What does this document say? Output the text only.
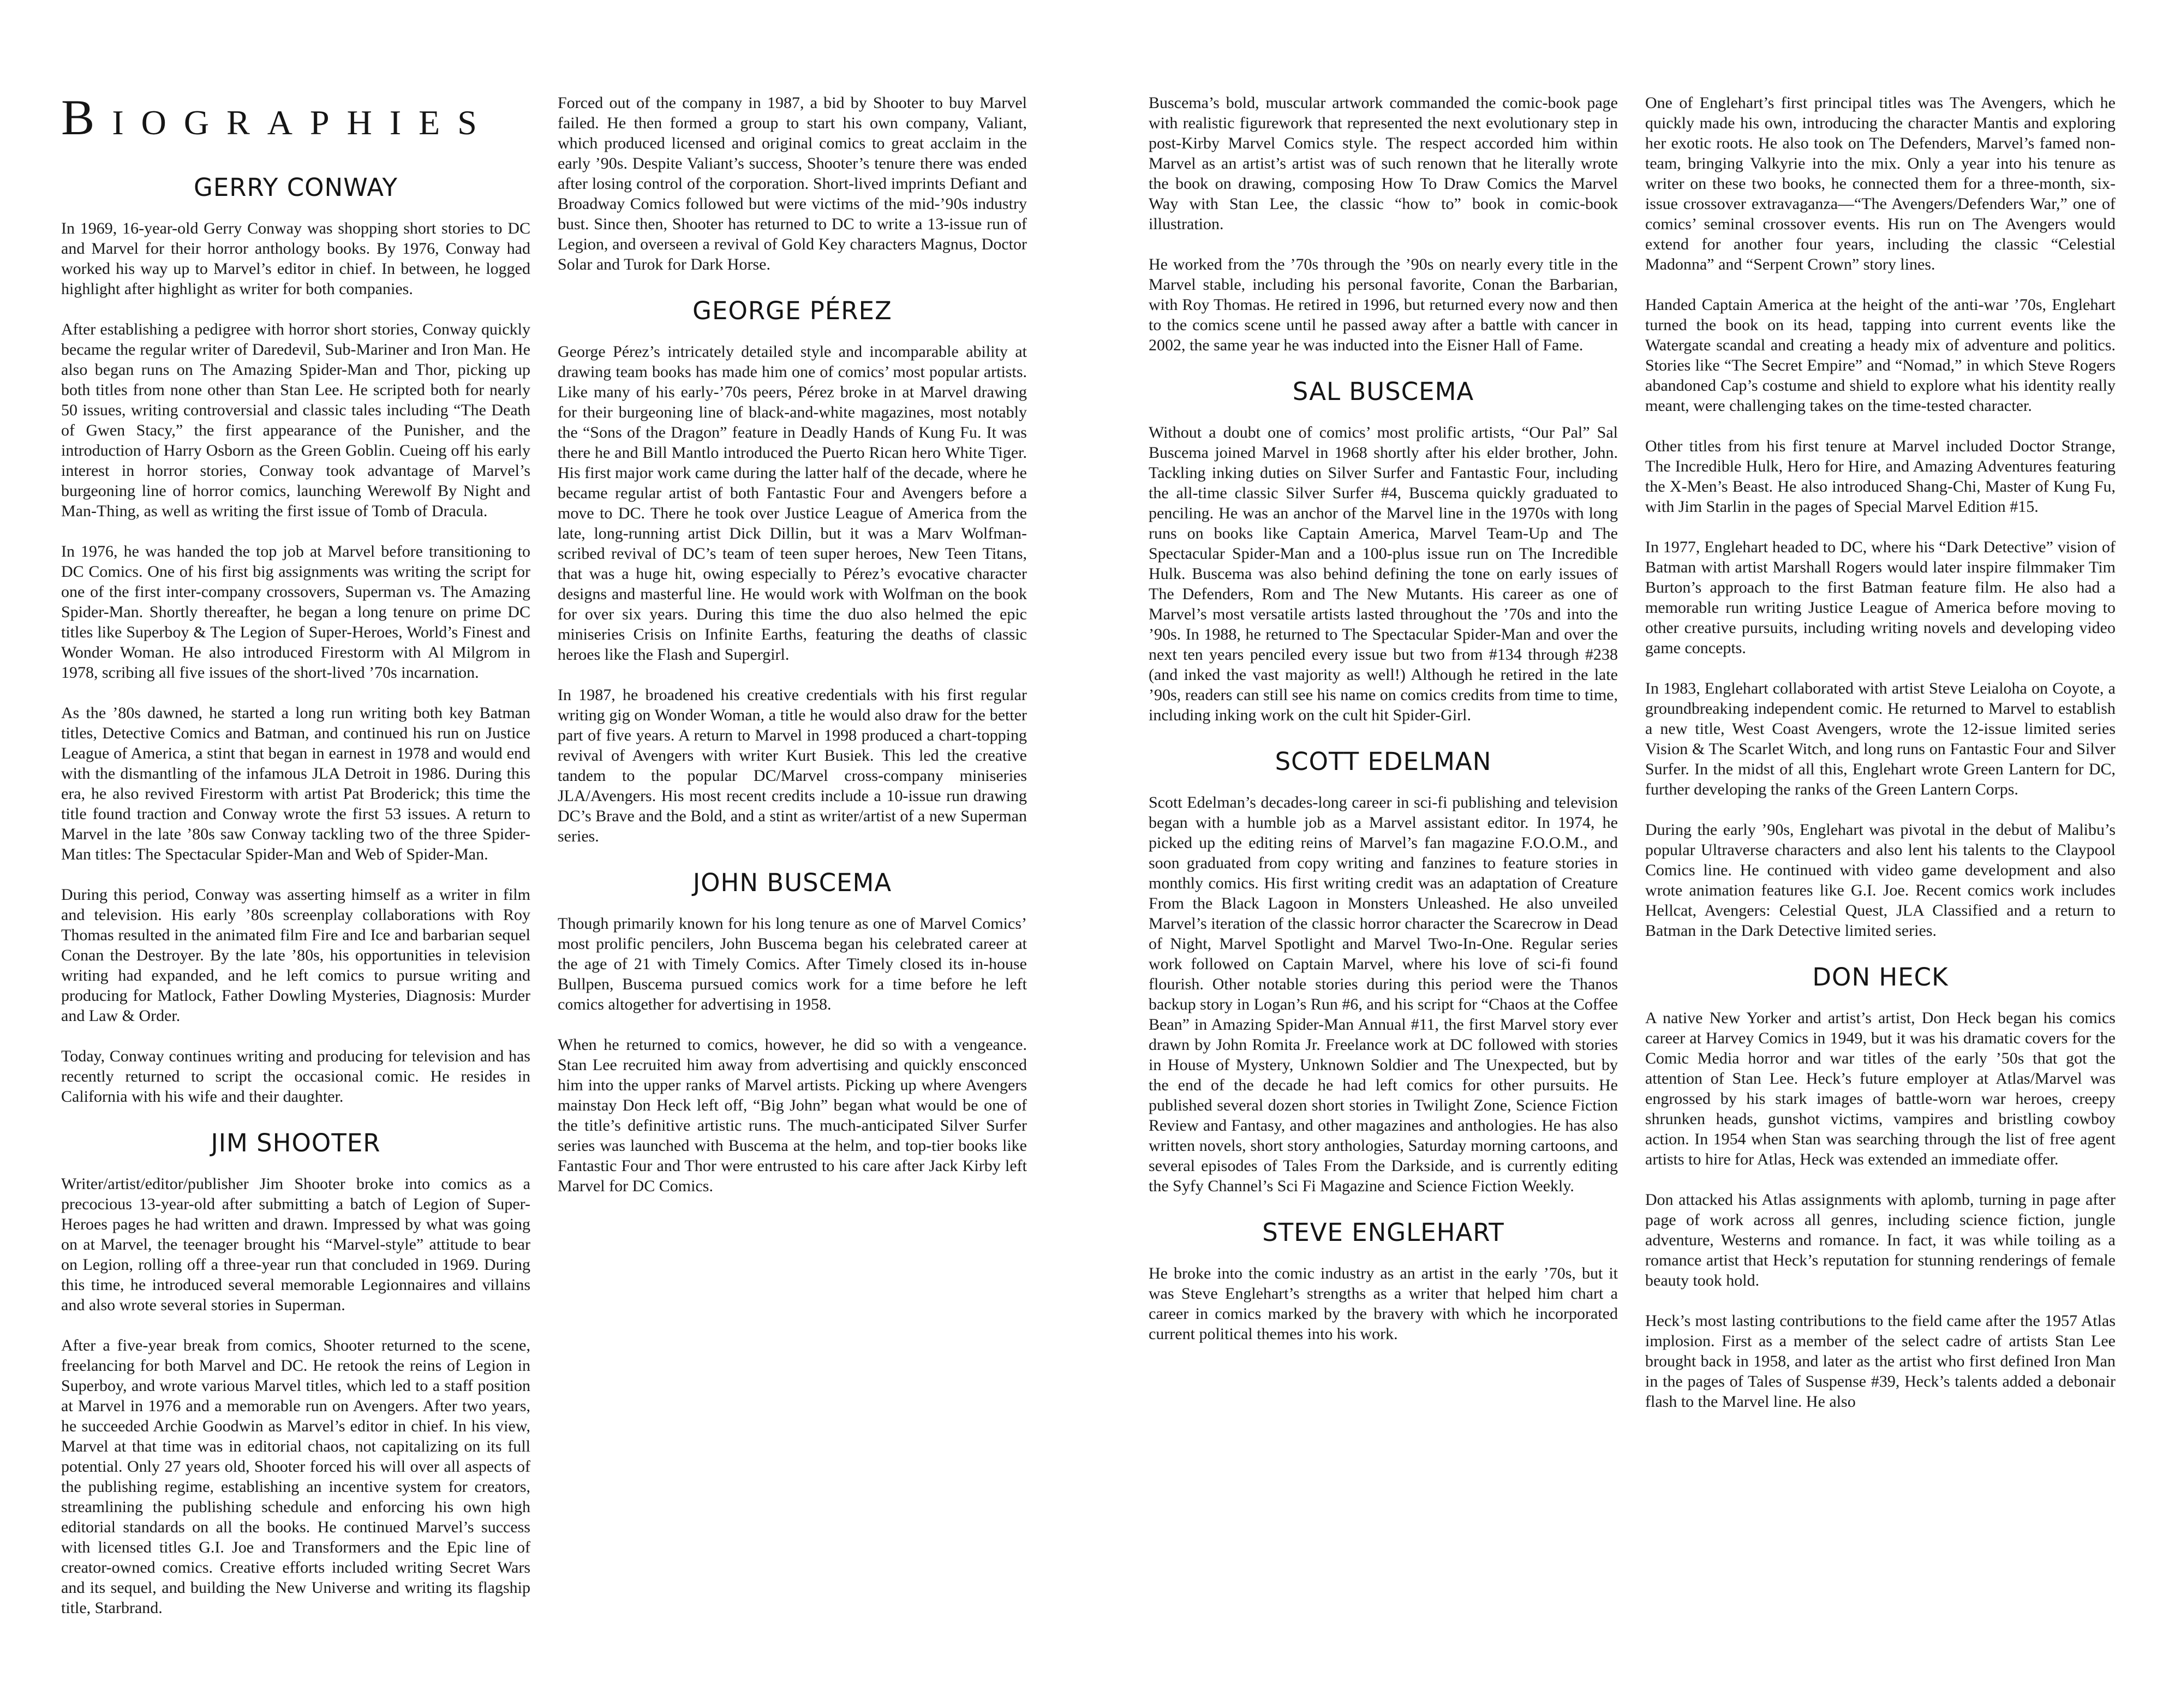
Biographies
GERRY CONWAY

In 1969, 16-year-old Gerry Conway was shopping short stories to DC and Marvel for their horror anthology books. By 1976, Conway had worked his way up to Marvel’s editor in chief. In between, he logged highlight after highlight as writer for both companies.

After establishing a pedigree with horror short stories, Conway quickly became the regular writer of Daredevil, Sub-Mariner and Iron Man. He also began runs on The Amazing Spider-Man and Thor, picking up both titles from none other than Stan Lee. He scripted both for nearly 50 issues, writing controversial and classic tales including “The Death of Gwen Stacy,” the first appearance of the Punisher, and the introduction of Harry Osborn as the Green Goblin. Cueing off his early interest in horror stories, Conway took advantage of Marvel’s burgeoning line of horror comics, launching Werewolf By Night and Man-Thing, as well as writing the first issue of Tomb of Dracula.

In 1976, he was handed the top job at Marvel before transitioning to DC Comics. One of his first big assignments was writing the script for one of the first inter-company crossovers, Superman vs. The Amazing Spider-Man. Shortly thereafter, he began a long tenure on prime DC titles like Superboy & The Legion of Super-Heroes, World’s Finest and Wonder Woman. He also introduced Firestorm with Al Milgrom in 1978, scribing all five issues of the short-lived ’70s incarnation.

As the ’80s dawned, he started a long run writing both key Batman titles, Detective Comics and Batman, and continued his run on Justice League of America, a stint that began in earnest in 1978 and would end with the dismantling of the infamous JLA Detroit in 1986. During this era, he also revived Firestorm with artist Pat Broderick; this time the title found traction and Conway wrote the first 53 issues. A return to Marvel in the late ’80s saw Conway tackling two of the three Spider-Man titles: The Spectacular Spider-Man and Web of Spider-Man.

During this period, Conway was asserting himself as a writer in film and television. His early ’80s screenplay collaborations with Roy Thomas resulted in the animated film Fire and Ice and barbarian sequel Conan the Destroyer. By the late ’80s, his opportunities in television writing had expanded, and he left comics to pursue writing and producing for Matlock, Father Dowling Mysteries, Diagnosis: Murder and Law & Order.

Today, Conway continues writing and producing for television and has recently returned to script the occasional comic. He resides in California with his wife and their daughter.

JIM SHOOTER

Writer/artist/editor/publisher Jim Shooter broke into comics as a precocious 13-year-old after submitting a batch of Legion of Super-Heroes pages he had written and drawn. Impressed by what was going on at Marvel, the teenager brought his “Marvel-style” attitude to bear on Legion, rolling off a three-year run that concluded in 1969. During this time, he introduced several memorable Legionnaires and villains and also wrote several stories in Superman.

After a five-year break from comics, Shooter returned to the scene, freelancing for both Marvel and DC. He retook the reins of Legion in Superboy, and wrote various Marvel titles, which led to a staff position at Marvel in 1976 and a memorable run on Avengers. After two years, he succeeded Archie Goodwin as Marvel’s editor in chief. In his view, Marvel at that time was in editorial chaos, not capitalizing on its full potential. Only 27 years old, Shooter forced his will over all aspects of the publishing regime, establishing an incentive system for creators, streamlining the publishing schedule and enforcing his own high editorial standards on all the books. He continued Marvel’s success with licensed titles G.I. Joe and Transformers and the Epic line of creator-owned comics. Creative efforts included writing Secret Wars and its sequel, and building the New Universe and writing its flagship title, Starbrand.

Forced out of the company in 1987, a bid by Shooter to buy Marvel failed. He then formed a group to start his own company, Valiant, which produced licensed and original comics to great acclaim in the early ’90s. Despite Valiant’s success, Shooter’s tenure there was ended after losing control of the corporation. Short-lived imprints Defiant and Broadway Comics followed but were victims of the mid-’90s industry bust. Since then, Shooter has returned to DC to write a 13-issue run of Legion, and overseen a revival of Gold Key characters Magnus, Doctor Solar and Turok for Dark Horse.

GEORGE PÉREZ

George Pérez’s intricately detailed style and incomparable ability at drawing team books has made him one of comics’ most popular artists. Like many of his early-’70s peers, Pérez broke in at Marvel drawing for their burgeoning line of black-and-white magazines, most notably the “Sons of the Dragon” feature in Deadly Hands of Kung Fu. It was there he and Bill Mantlo introduced the Puerto Rican hero White Tiger. His first major work came during the latter half of the decade, where he became regular artist of both Fantastic Four and Avengers before a move to DC. There he took over Justice League of America from the late, long-running artist Dick Dillin, but it was a Marv Wolfman-scribed revival of DC’s team of teen super heroes, New Teen Titans, that was a huge hit, owing especially to Pérez’s evocative character designs and masterful line. He would work with Wolfman on the book for over six years. During this time the duo also helmed the epic miniseries Crisis on Infinite Earths, featuring the deaths of classic heroes like the Flash and Supergirl.

In 1987, he broadened his creative credentials with his first regular writing gig on Wonder Woman, a title he would also draw for the better part of five years. A return to Marvel in 1998 produced a chart-topping revival of Avengers with writer Kurt Busiek. This led the creative tandem to the popular DC/Marvel cross-company miniseries JLA/Avengers. His most recent credits include a 10-issue run drawing DC’s Brave and the Bold, and a stint as writer/artist of a new Superman series.

JOHN BUSCEMA

Though primarily known for his long tenure as one of Marvel Comics’ most prolific pencilers, John Buscema began his celebrated career at the age of 21 with Timely Comics. After Timely closed its in-house Bullpen, Buscema pursued comics work for a time before he left comics altogether for advertising in 1958.

When he returned to comics, however, he did so with a vengeance. Stan Lee recruited him away from advertising and quickly ensconced him into the upper ranks of Marvel artists. Picking up where Avengers mainstay Don Heck left off, “Big John” began what would be one of the title’s definitive artistic runs. The much-anticipated Silver Surfer series was launched with Buscema at the helm, and top-tier books like Fantastic Four and Thor were entrusted to his care after Jack Kirby left Marvel for DC Comics.

Buscema’s bold, muscular artwork commanded the comic-book page with realistic figurework that represented the next evolutionary step in post-Kirby Marvel Comics style. The respect accorded him within Marvel as an artist’s artist was of such renown that he literally wrote the book on drawing, composing How To Draw Comics the Marvel Way with Stan Lee, the classic “how to” book in comic-book illustration.

He worked from the ’70s through the ’90s on nearly every title in the Marvel stable, including his personal favorite, Conan the Barbarian, with Roy Thomas. He retired in 1996, but returned every now and then to the comics scene until he passed away after a battle with cancer in 2002, the same year he was inducted into the Eisner Hall of Fame.

SAL BUSCEMA

Without a doubt one of comics’ most prolific artists, “Our Pal” Sal Buscema joined Marvel in 1968 shortly after his elder brother, John. Tackling inking duties on Silver Surfer and Fantastic Four, including the all-time classic Silver Surfer #4, Buscema quickly graduated to penciling. He was an anchor of the Marvel line in the 1970s with long runs on books like Captain America, Marvel Team-Up and The Spectacular Spider-Man and a 100-plus issue run on The Incredible Hulk. Buscema was also behind defining the tone on early issues of The Defenders, Rom and The New Mutants. His career as one of Marvel’s most versatile artists lasted throughout the ’70s and into the ’90s. In 1988, he returned to The Spectacular Spider-Man and over the next ten years penciled every issue but two from #134 through #238 (and inked the vast majority as well!) Although he retired in the late ’90s, readers can still see his name on comics credits from time to time, including inking work on the cult hit Spider-Girl.

SCOTT EDELMAN

Scott Edelman’s decades-long career in sci-fi publishing and television began with a humble job as a Marvel assistant editor. In 1974, he picked up the editing reins of Marvel’s fan magazine F.O.O.M., and soon graduated from copy writing and fanzines to feature stories in monthly comics. His first writing credit was an adaptation of Creature From the Black Lagoon in Monsters Unleashed. He also unveiled Marvel’s iteration of the classic horror character the Scarecrow in Dead of Night, Marvel Spotlight and Marvel Two-In-One. Regular series work followed on Captain Marvel, where his love of sci-fi found flourish. Other notable stories during this period were the Thanos backup story in Logan’s Run #6, and his script for “Chaos at the Coffee Bean” in Amazing Spider-Man Annual #11, the first Marvel story ever drawn by John Romita Jr. Freelance work at DC followed with stories in House of Mystery, Unknown Soldier and The Unexpected, but by the end of the decade he had left comics for other pursuits. He published several dozen short stories in Twilight Zone, Science Fiction Review and Fantasy, and other magazines and anthologies. He has also written novels, short story anthologies, Saturday morning cartoons, and several episodes of Tales From the Darkside, and is currently editing the Syfy Channel’s Sci Fi Magazine and Science Fiction Weekly.

STEVE ENGLEHART

He broke into the comic industry as an artist in the early ’70s, but it was Steve Englehart’s strengths as a writer that helped him chart a career in comics marked by the bravery with which he incorporated current political themes into his work.

One of Englehart’s first principal titles was The Avengers, which he quickly made his own, introducing the character Mantis and exploring her exotic roots. He also took on The Defenders, Marvel’s famed non-team, bringing Valkyrie into the mix. Only a year into his tenure as writer on these two books, he connected them for a three-month, six-issue crossover extravaganza—“The Avengers/Defenders War,” one of comics’ seminal crossover events. His run on The Avengers would extend for another four years, including the classic “Celestial Madonna” and “Serpent Crown” story lines.

Handed Captain America at the height of the anti-war ’70s, Englehart turned the book on its head, tapping into current events like the Watergate scandal and creating a heady mix of adventure and politics. Stories like “The Secret Empire” and “Nomad,” in which Steve Rogers abandoned Cap’s costume and shield to explore what his identity really meant, were challenging takes on the time-tested character.

Other titles from his first tenure at Marvel included Doctor Strange, The Incredible Hulk, Hero for Hire, and Amazing Adventures featuring the X-Men’s Beast. He also introduced Shang-Chi, Master of Kung Fu, with Jim Starlin in the pages of Special Marvel Edition #15.

In 1977, Englehart headed to DC, where his “Dark Detective” vision of Batman with artist Marshall Rogers would later inspire filmmaker Tim Burton’s approach to the first Batman feature film. He also had a memorable run writing Justice League of America before moving to other creative pursuits, including writing novels and developing video game concepts.

In 1983, Englehart collaborated with artist Steve Leialoha on Coyote, a groundbreaking independent comic. He returned to Marvel to establish a new title, West Coast Avengers, wrote the 12-issue limited series Vision & The Scarlet Witch, and long runs on Fantastic Four and Silver Surfer. In the midst of all this, Englehart wrote Green Lantern for DC, further developing the ranks of the Green Lantern Corps.

During the early ’90s, Englehart was pivotal in the debut of Malibu’s popular Ultraverse characters and also lent his talents to the Claypool Comics line. He continued with video game development and also wrote animation features like G.I. Joe. Recent comics work includes Hellcat, Avengers: Celestial Quest, JLA Classified and a return to Batman in the Dark Detective limited series.

DON HECK

A native New Yorker and artist’s artist, Don Heck began his comics career at Harvey Comics in 1949, but it was his dramatic covers for the Comic Media horror and war titles of the early ’50s that got the attention of Stan Lee. Heck’s future employer at Atlas/Marvel was engrossed by his stark images of battle-worn war heroes, creepy shrunken heads, gunshot victims, vampires and bristling cowboy action. In 1954 when Stan was searching through the list of free agent artists to hire for Atlas, Heck was extended an immediate offer.

Don attacked his Atlas assignments with aplomb, turning in page after page of work across all genres, including science fiction, jungle adventure, Westerns and romance. In fact, it was while toiling as a romance artist that Heck’s reputation for stunning renderings of female beauty took hold.

Heck’s most lasting contributions to the field came after the 1957 Atlas implosion. First as a member of the select cadre of artists Stan Lee brought back in 1958, and later as the artist who first defined Iron Man in the pages of Tales of Suspense #39, Heck’s talents added a debonair flash to the Marvel line. He also
